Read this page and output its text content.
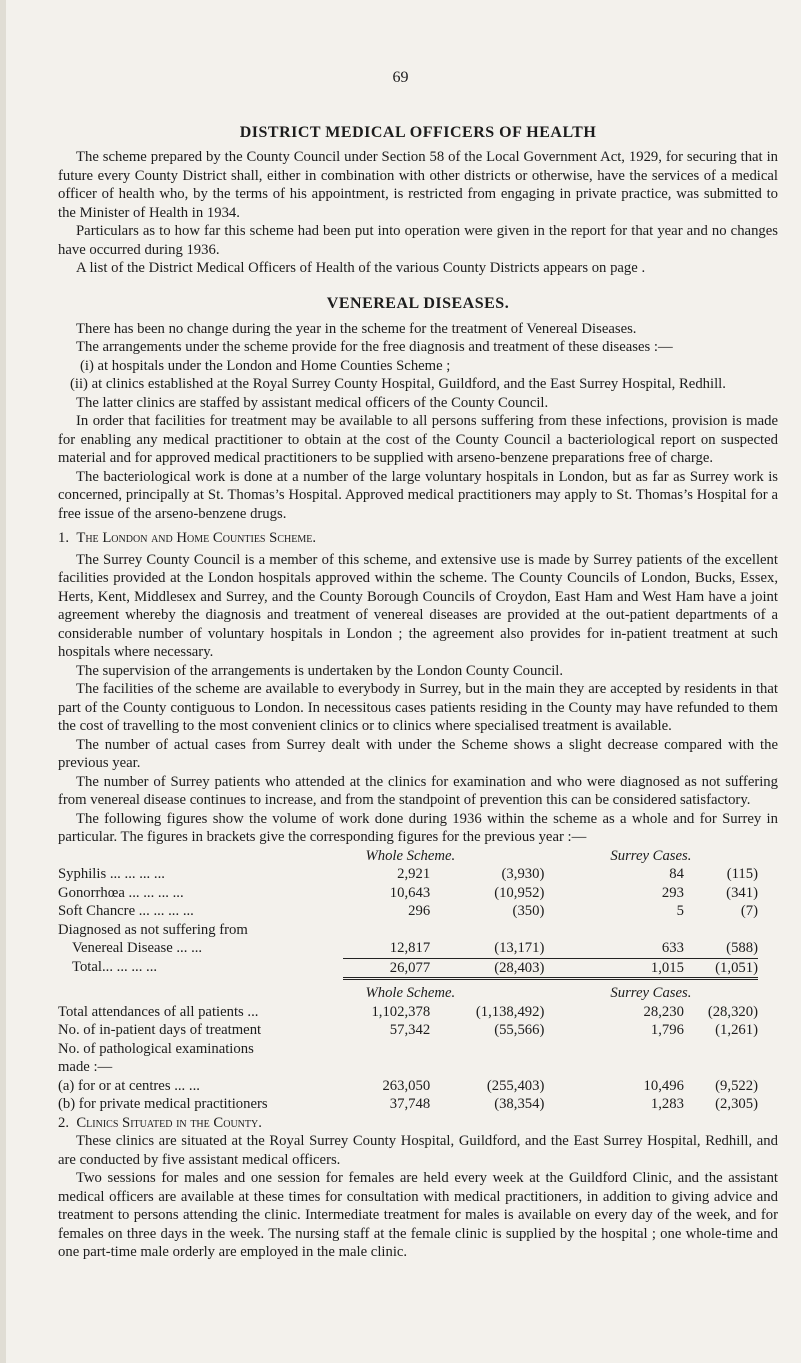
69
DISTRICT MEDICAL OFFICERS OF HEALTH

The scheme prepared by the County Council under Section 58 of the Local Government Act, 1929, for securing that in future every County District shall, either in combination with other districts or otherwise, have the services of a medical officer of health who, by the terms of his appointment, is restricted from engaging in private practice, was submitted to the Minister of Health in 1934.

Particulars as to how far this scheme had been put into operation were given in the report for that year and no changes have occurred during 1936.

A list of the District Medical Officers of Health of the various County Districts appears on page .

VENEREAL DISEASES.

There has been no change during the year in the scheme for the treatment of Venereal Diseases.

The arrangements under the scheme provide for the free diagnosis and treatment of these diseases :—

(i) at hospitals under the London and Home Counties Scheme ;

(ii) at clinics established at the Royal Surrey County Hospital, Guildford, and the East Surrey Hospital, Redhill.

The latter clinics are staffed by assistant medical officers of the County Council.

In order that facilities for treatment may be available to all persons suffering from these infections, provision is made for enabling any medical practitioner to obtain at the cost of the County Council a bacteriological report on suspected material and for approved medical practitioners to be supplied with arseno-benzene preparations free of charge.

The bacteriological work is done at a number of the large voluntary hospitals in London, but as far as Surrey work is concerned, principally at St. Thomas’s Hospital. Approved medical practitioners may apply to St. Thomas’s Hospital for a free issue of the arseno-benzene drugs.

1. The London and Home Counties Scheme.

The Surrey County Council is a member of this scheme, and extensive use is made by Surrey patients of the excellent facilities provided at the London hospitals approved within the scheme. The County Councils of London, Bucks, Essex, Herts, Kent, Middlesex and Surrey, and the County Borough Councils of Croydon, East Ham and West Ham have a joint agreement whereby the diagnosis and treatment of venereal diseases are provided at the out-patient departments of a considerable number of voluntary hospitals in London ; the agreement also provides for in-patient treatment at such hospitals where necessary.

The supervision of the arrangements is undertaken by the London County Council.

The facilities of the scheme are available to everybody in Surrey, but in the main they are accepted by residents in that part of the County contiguous to London. In necessitous cases patients residing in the County may have refunded to them the cost of travelling to the most convenient clinics or to clinics where specialised treatment is available.

The number of actual cases from Surrey dealt with under the Scheme shows a slight decrease compared with the previous year.

The number of Surrey patients who attended at the clinics for examination and who were diagnosed as not suffering from venereal disease continues to increase, and from the standpoint of prevention this can be considered satisfactory.

The following figures show the volume of work done during 1936 within the scheme as a whole and for Surrey in particular. The figures in brackets give the corresponding figures for the previous year :—

	Whole Scheme.		Surrey Cases.	
Syphilis ... ... ... ...	2,921	(3,930)	84	(115)
Gonorrhœa ... ... ... ...	10,643	(10,952)	293	(341)
Soft Chancre ... ... ... ...	296	(350)	5	(7)
Diagnosed as not suffering from				
Venereal Disease ... ...	12,817	(13,171)	633	(588)
Total... ... ... ...	26,077	(28,403)	1,015	(1,051)
	Whole Scheme.		Surrey Cases.	
Total attendances of all patients ...	1,102,378	(1,138,492)	28,230	(28,320)
No. of in-patient days of treatment	57,342	(55,566)	1,796	(1,261)
No. of pathological examinations				
made :—				
(a) for or at centres ... ...	263,050	(255,403)	10,496	(9,522)
(b) for private medical practitioners	37,748	(38,354)	1,283	(2,305)

2. Clinics Situated in the County.

These clinics are situated at the Royal Surrey County Hospital, Guildford, and the East Surrey Hospital, Redhill, and are conducted by five assistant medical officers.

Two sessions for males and one session for females are held every week at the Guildford Clinic, and the assistant medical officers are available at these times for consultation with medical practitioners, in addition to giving advice and treatment to persons attending the clinic. Intermediate treatment for males is available on every day of the week, and for females on three days in the week. The nursing staff at the female clinic is supplied by the hospital ; one whole-time and one part-time male orderly are employed in the male clinic.
